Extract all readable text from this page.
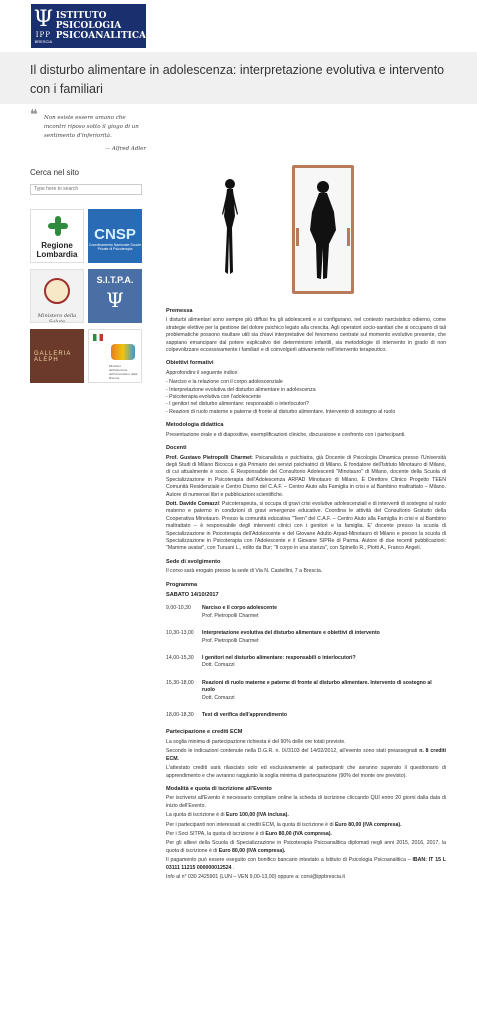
Ψ
IPP
BRESCIA
ISTITUTO
PSICOLOGIA
PSICOANALITICA
Il disturbo alimentare in adolescenza: interpretazione evolutiva e intervento con i familiari
❝ Non esiste essere umano che incontri riposo sotto il giogo di un sentimento d'inferiorità.
— Alfred Adler
Cerca nel sito
Type here to search
Regione
Lombardia
CNSP
Coordinamento Nazionale Scuole Private di Psicoterapia
Ministero della Salute
S.I.T.P.A.
Ψ
GALLERIA ALEPH
Ministero dell'Istruzione, dell'Università e della Ricerca
Premessa

I disturbi alimentari sono sempre più diffusi fra gli adolescenti e si configurano, nel contesto narcisistico odierno, come strategie elettive per la gestione del dolore psichico legato alla crescita. Agli operatori socio-sanitari che si occupano di tali problematiche possono risultare utili sia chiavi interpretative del fenomeno centrate sul momento evolutivo presente, che sappiano emancipare dal potere esplicativo dei determinismi infantili, sia metodologie di intervento in grado di non colpevolizzare eccessivamente i familiari e di coinvolgerli attivamente nell'intervento terapeutico.

Obiettivi formativi

Approfondire il seguente indice:

- Narciso e la relazione con il corpo adolescenziale
- Interpretazione evolutiva del disturbo alimentare in adolescenza
- Psicoterapia evolutiva con l'adolescente
- I genitori nel disturbo alimentare: responsabili o interlocutori?
- Reazioni di ruolo materne e paterne di fronte al disturbo alimentare. Intervento di sostegno al ruolo
Metodologia didattica

Presentazione orale e di diapositive, esemplificazioni cliniche, discussione e confronto con i partecipanti.

Docenti

Prof. Gustavo Pietropolli Charmet: Psicanalista e psichiatra, già Docente di Psicologia Dinamica presso l'Università degli Studi di Milano Bicocca e già Primario dei servizi psichiatrici di Milano. È fondatore dell'Istituto Minotauro di Milano, di cui attualmente è socio. È Responsabile del Consultorio Adolescenti "Minotauro" di Milano, docente della Scuola di Specializzazione in Psicoterapia dell'Adolescenza ARPAD Minotauro di Milano. È Direttore Clinico Progetto TEEN Comunità Residenziale e Centro Diurno del C.A.F. – Centro Aiuto alla Famiglia in crisi e al Bambino maltrattato – Milano. Autore di numerosi libri e pubblicazioni scientifiche.

Dott. Davide Comazzi: Psicoterapeuta, si occupa di gravi crisi evolutive adolescenziali e di interventi di sostegno al ruolo materno e paterno in condizioni di gravi emergenze educative. Coordina le attività del Consultorio Gratuito della Cooperativa Minotauro. Presso la comunità educativa "Teen" del C.A.F. – Centro Aiuto alla Famiglia in crisi e al Bambino maltrattato – è responsabile degli interventi clinici con i genitori e la famiglia. E' docente presso la scuola di Specializzazione in Psicoterapia dell'Adolescente e del Giovane Adulto Arpad-Minotauro di Milano e presso la scuola di Specializzazione in Psicoterapia con l'Adolescente e il Giovane SIPRe di Parma. Autore di due recenti pubblicazioni: "Mamme avatar", con Turuani L., edito da Bur; "Il corpo in una stanza", con Spinello R., Piotti A., Franco Angeli.

Sede di svolgimento

Il corso sarà erogato presso la sede di Via N. Castellini, 7 a Brescia.

Programma
SABATO 14/10/2017
9,00-10,30	Narciso e il corpo adolescente
Prof. Pietropolli Charmet
10,30-13,00	Interpretazione evolutiva del disturbo alimentare e obiettivi di intervento
Prof. Pietropolli Charmet
14,00-15,30	I genitori nel disturbo alimentare: responsabili o interlocutori?
Dott. Comazzi
15,30-18,00	Reazioni di ruolo materne e paterne di fronte al disturbo alimentare. Intervento di sostegno al ruolo
Dott. Comazzi
18,00-18,30	Test di verifica dell'apprendimento
Partecipazione e crediti ECM

La soglia minima di partecipazione richiesta è del 90% delle ore totali previste.

Secondo le indicazioni contenute nella D.G.R. n. IX/3103 del 14/02/2012, all'evento sono stati preassegnati n. 8 crediti ECM.

L'attestato crediti sarà rilasciato solo ed esclusivamente ai partecipanti che avranno superato il questionario di apprendimento e che avranno raggiunto la soglia minima di partecipazione (90% del monte ore previsto).

Modalità e quota di iscrizione all'Evento

Per iscriversi all'Evento è necessario compilare online la scheda di iscrizione cliccando QUI entro 20 giorni dalla data di inizio dell'Evento.

La quota di iscrizione è di Euro 100,00 (IVA inclusa).

Per i partecipanti non interessati ai crediti ECM, la quota di iscrizione è di Euro 80,00 (IVA compresa).

Per i Soci SITPA, la quota di iscrizione è di Euro 80,00 (IVA compresa).

Per gli allievi della Scuola di Specializzazione in Psicoterapia Psicoanalitica diplomati negli anni 2015, 2016, 2017, la quota di iscrizione è di Euro 80,00 (IVA compresa).

Il pagamento può essere eseguito con bonifico bancario intestato a Istituto di Psicologia Psicoanalitica – IBAN: IT 15 L 03111 11215 000000012524 .

Info al n° 030 2425901 (LUN – VEN 9,00-13,00) oppure a: corsi@ippbrescia.it
